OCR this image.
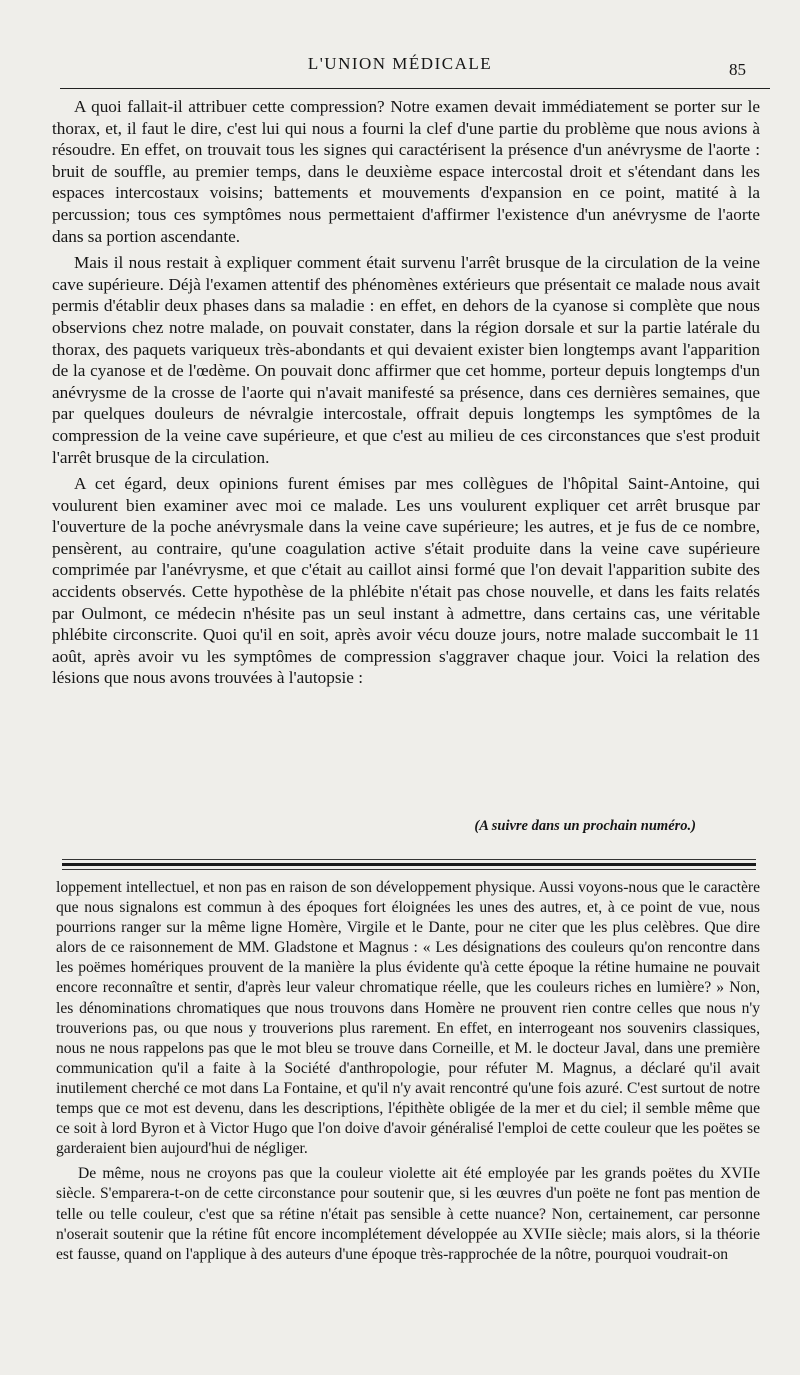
L'UNION MÉDICALE	85

A quoi fallait-il attribuer cette compression? Notre examen devait immédiatement se porter sur le thorax, et, il faut le dire, c'est lui qui nous a fourni la clef d'une partie du problème que nous avions à résoudre. En effet, on trouvait tous les signes qui caractérisent la présence d'un anévrysme de l'aorte : bruit de souffle, au premier temps, dans le deuxième espace intercostal droit et s'étendant dans les espaces intercostaux voisins; battements et mouvements d'expansion en ce point, matité à la percussion; tous ces symptômes nous permettaient d'affirmer l'existence d'un anévrysme de l'aorte dans sa portion ascendante.

Mais il nous restait à expliquer comment était survenu l'arrêt brusque de la circulation de la veine cave supérieure. Déjà l'examen attentif des phénomènes extérieurs que présentait ce malade nous avait permis d'établir deux phases dans sa maladie : en effet, en dehors de la cyanose si complète que nous observions chez notre malade, on pouvait constater, dans la région dorsale et sur la partie latérale du thorax, des paquets variqueux très-abondants et qui devaient exister bien longtemps avant l'apparition de la cyanose et de l'œdème. On pouvait donc affirmer que cet homme, porteur depuis longtemps d'un anévrysme de la crosse de l'aorte qui n'avait manifesté sa présence, dans ces dernières semaines, que par quelques douleurs de névralgie intercostale, offrait depuis longtemps les symptômes de la compression de la veine cave supérieure, et que c'est au milieu de ces circonstances que s'est produit l'arrêt brusque de la circulation.

A cet égard, deux opinions furent émises par mes collègues de l'hôpital Saint-Antoine, qui voulurent bien examiner avec moi ce malade. Les uns voulurent expliquer cet arrêt brusque par l'ouverture de la poche anévrysmale dans la veine cave supérieure; les autres, et je fus de ce nombre, pensèrent, au contraire, qu'une coagulation active s'était produite dans la veine cave supérieure comprimée par l'anévrysme, et que c'était au caillot ainsi formé que l'on devait l'apparition subite des accidents observés. Cette hypothèse de la phlébite n'était pas chose nouvelle, et dans les faits relatés par Oulmont, ce médecin n'hésite pas un seul instant à admettre, dans certains cas, une véritable phlébite circonscrite. Quoi qu'il en soit, après avoir vécu douze jours, notre malade succombait le 11 août, après avoir vu les symptômes de compression s'aggraver chaque jour. Voici la relation des lésions que nous avons trouvées à l'autopsie :

(A suivre dans un prochain numéro.)

loppement intellectuel, et non pas en raison de son développement physique. Aussi voyons-nous que le caractère que nous signalons est commun à des époques fort éloignées les unes des autres, et, à ce point de vue, nous pourrions ranger sur la même ligne Homère, Virgile et le Dante, pour ne citer que les plus celèbres. Que dire alors de ce raisonnement de MM. Gladstone et Magnus : « Les désignations des couleurs qu'on rencontre dans les poëmes homériques prouvent de la manière la plus évidente qu'à cette époque la rétine humaine ne pouvait encore reconnaître et sentir, d'après leur valeur chromatique réelle, que les couleurs riches en lumière? » Non, les dénominations chromatiques que nous trouvons dans Homère ne prouvent rien contre celles que nous n'y trouverions pas, ou que nous y trouverions plus rarement. En effet, en interrogeant nos souvenirs classiques, nous ne nous rappelons pas que le mot bleu se trouve dans Corneille, et M. le docteur Javal, dans une première communication qu'il a faite à la Société d'anthropologie, pour réfuter M. Magnus, a déclaré qu'il avait inutilement cherché ce mot dans La Fontaine, et qu'il n'y avait rencontré qu'une fois azuré. C'est surtout de notre temps que ce mot est devenu, dans les descriptions, l'épithète obligée de la mer et du ciel; il semble même que ce soit à lord Byron et à Victor Hugo que l'on doive d'avoir généralisé l'emploi de cette couleur que les poëtes se garderaient bien aujourd'hui de négliger.

De même, nous ne croyons pas que la couleur violette ait été employée par les grands poëtes du XVIIe siècle. S'emparera-t-on de cette circonstance pour soutenir que, si les œuvres d'un poëte ne font pas mention de telle ou telle couleur, c'est que sa rétine n'était pas sensible à cette nuance? Non, certainement, car personne n'oserait soutenir que la rétine fût encore incomplétement développée au XVIIe siècle; mais alors, si la théorie est fausse, quand on l'applique à des auteurs d'une époque très-rapprochée de la nôtre, pourquoi voudrait-on
